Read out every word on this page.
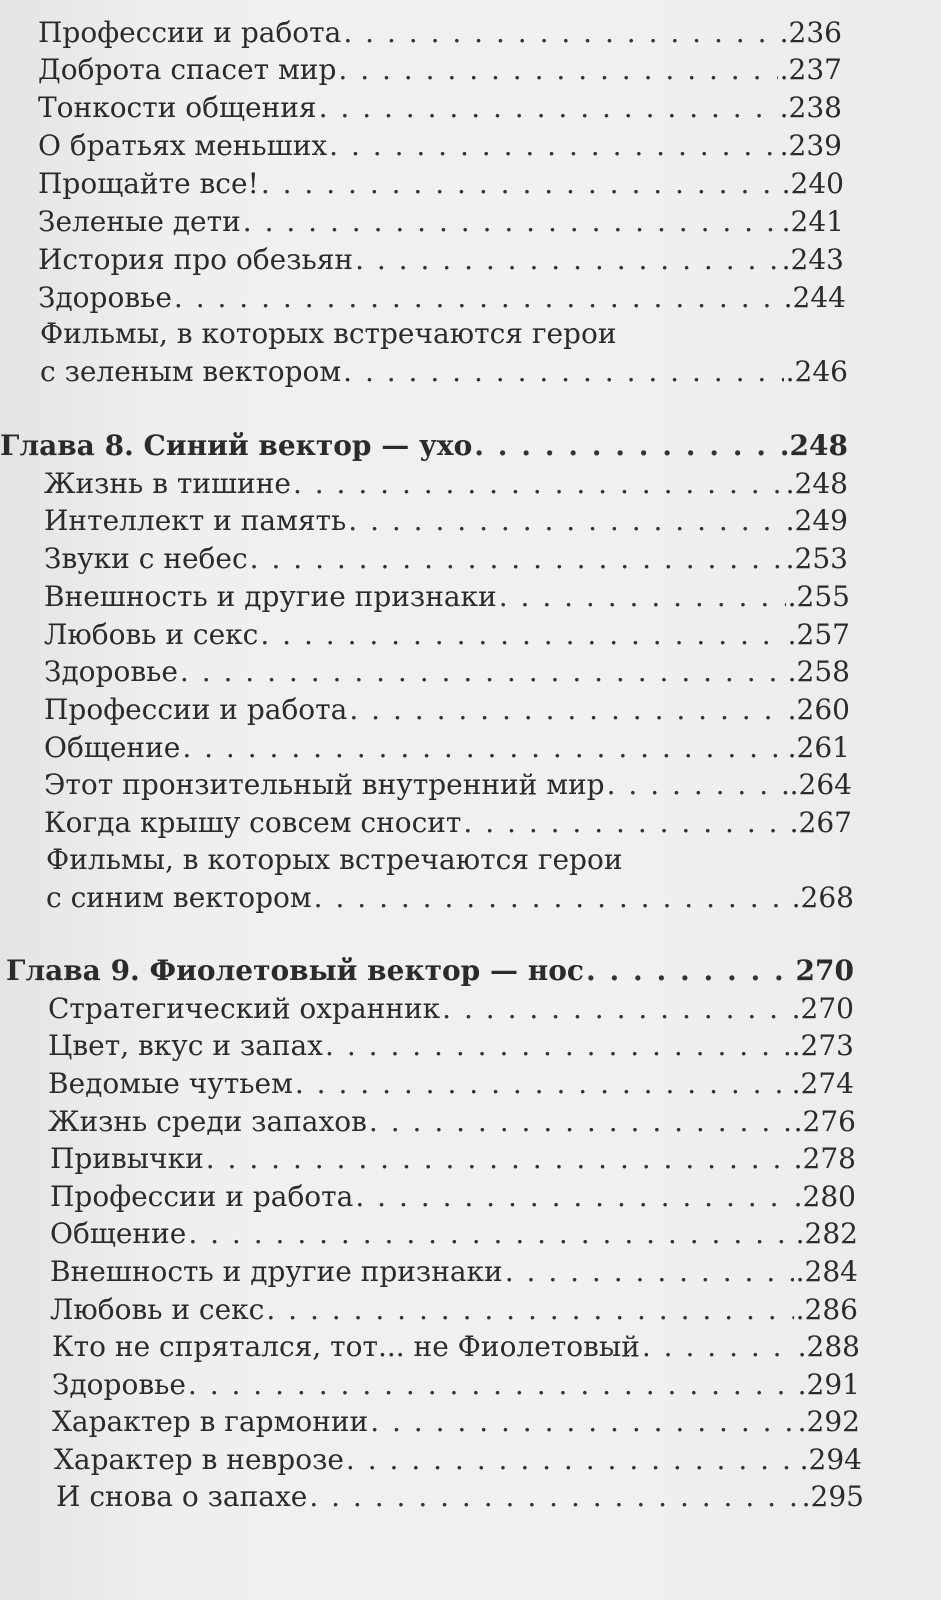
Профессии и работа . . .	.236
Доброта спасет мир . . .	.237
Тонкости общения . . .	.238
О братьях меньших . . .	.239
Прощайте все! . . .	.240
Зеленые дети . . .	.241
История про обезьян . . .	.243
Здоровье . . .	.244
Фильмы, в которых встречаются герои
с зеленым вектором . . .	.246
Глава 8. Синий вектор — ухо . . .	248
Жизнь в тишине . . .	.248
Интеллект и память . . .	.249
Звуки с небес . . .	.253
Внешность и другие признаки . . .	.255
Любовь и секс . . .	.257
Здоровье . . .	.258
Профессии и работа . . .	.260
Общение . . .	.261
Этот пронзительный внутренний мир . . .	.264
Когда крышу совсем сносит . . .	.267
Фильмы, в которых встречаются герои
с синим вектором . . .	.268
Глава 9. Фиолетовый вектор — нос . . .	270
Стратегический охранник . . .	.270
Цвет, вкус и запах . . .	.273
Ведомые чутьем . . .	.274
Жизнь среди запахов . . .	.276
Привычки . . .	.278
Профессии и работа . . .	.280
Общение . . .	.282
Внешность и другие признаки . . .	.284
Любовь и секс . . .	.286
Кто не спрятался, тот... не Фиолетовый . . .	.288
Здоровье . . .	.291
Характер в гармонии . . .	.292
Характер в неврозе . . .	.294
И снова о запахе . . .	.295
